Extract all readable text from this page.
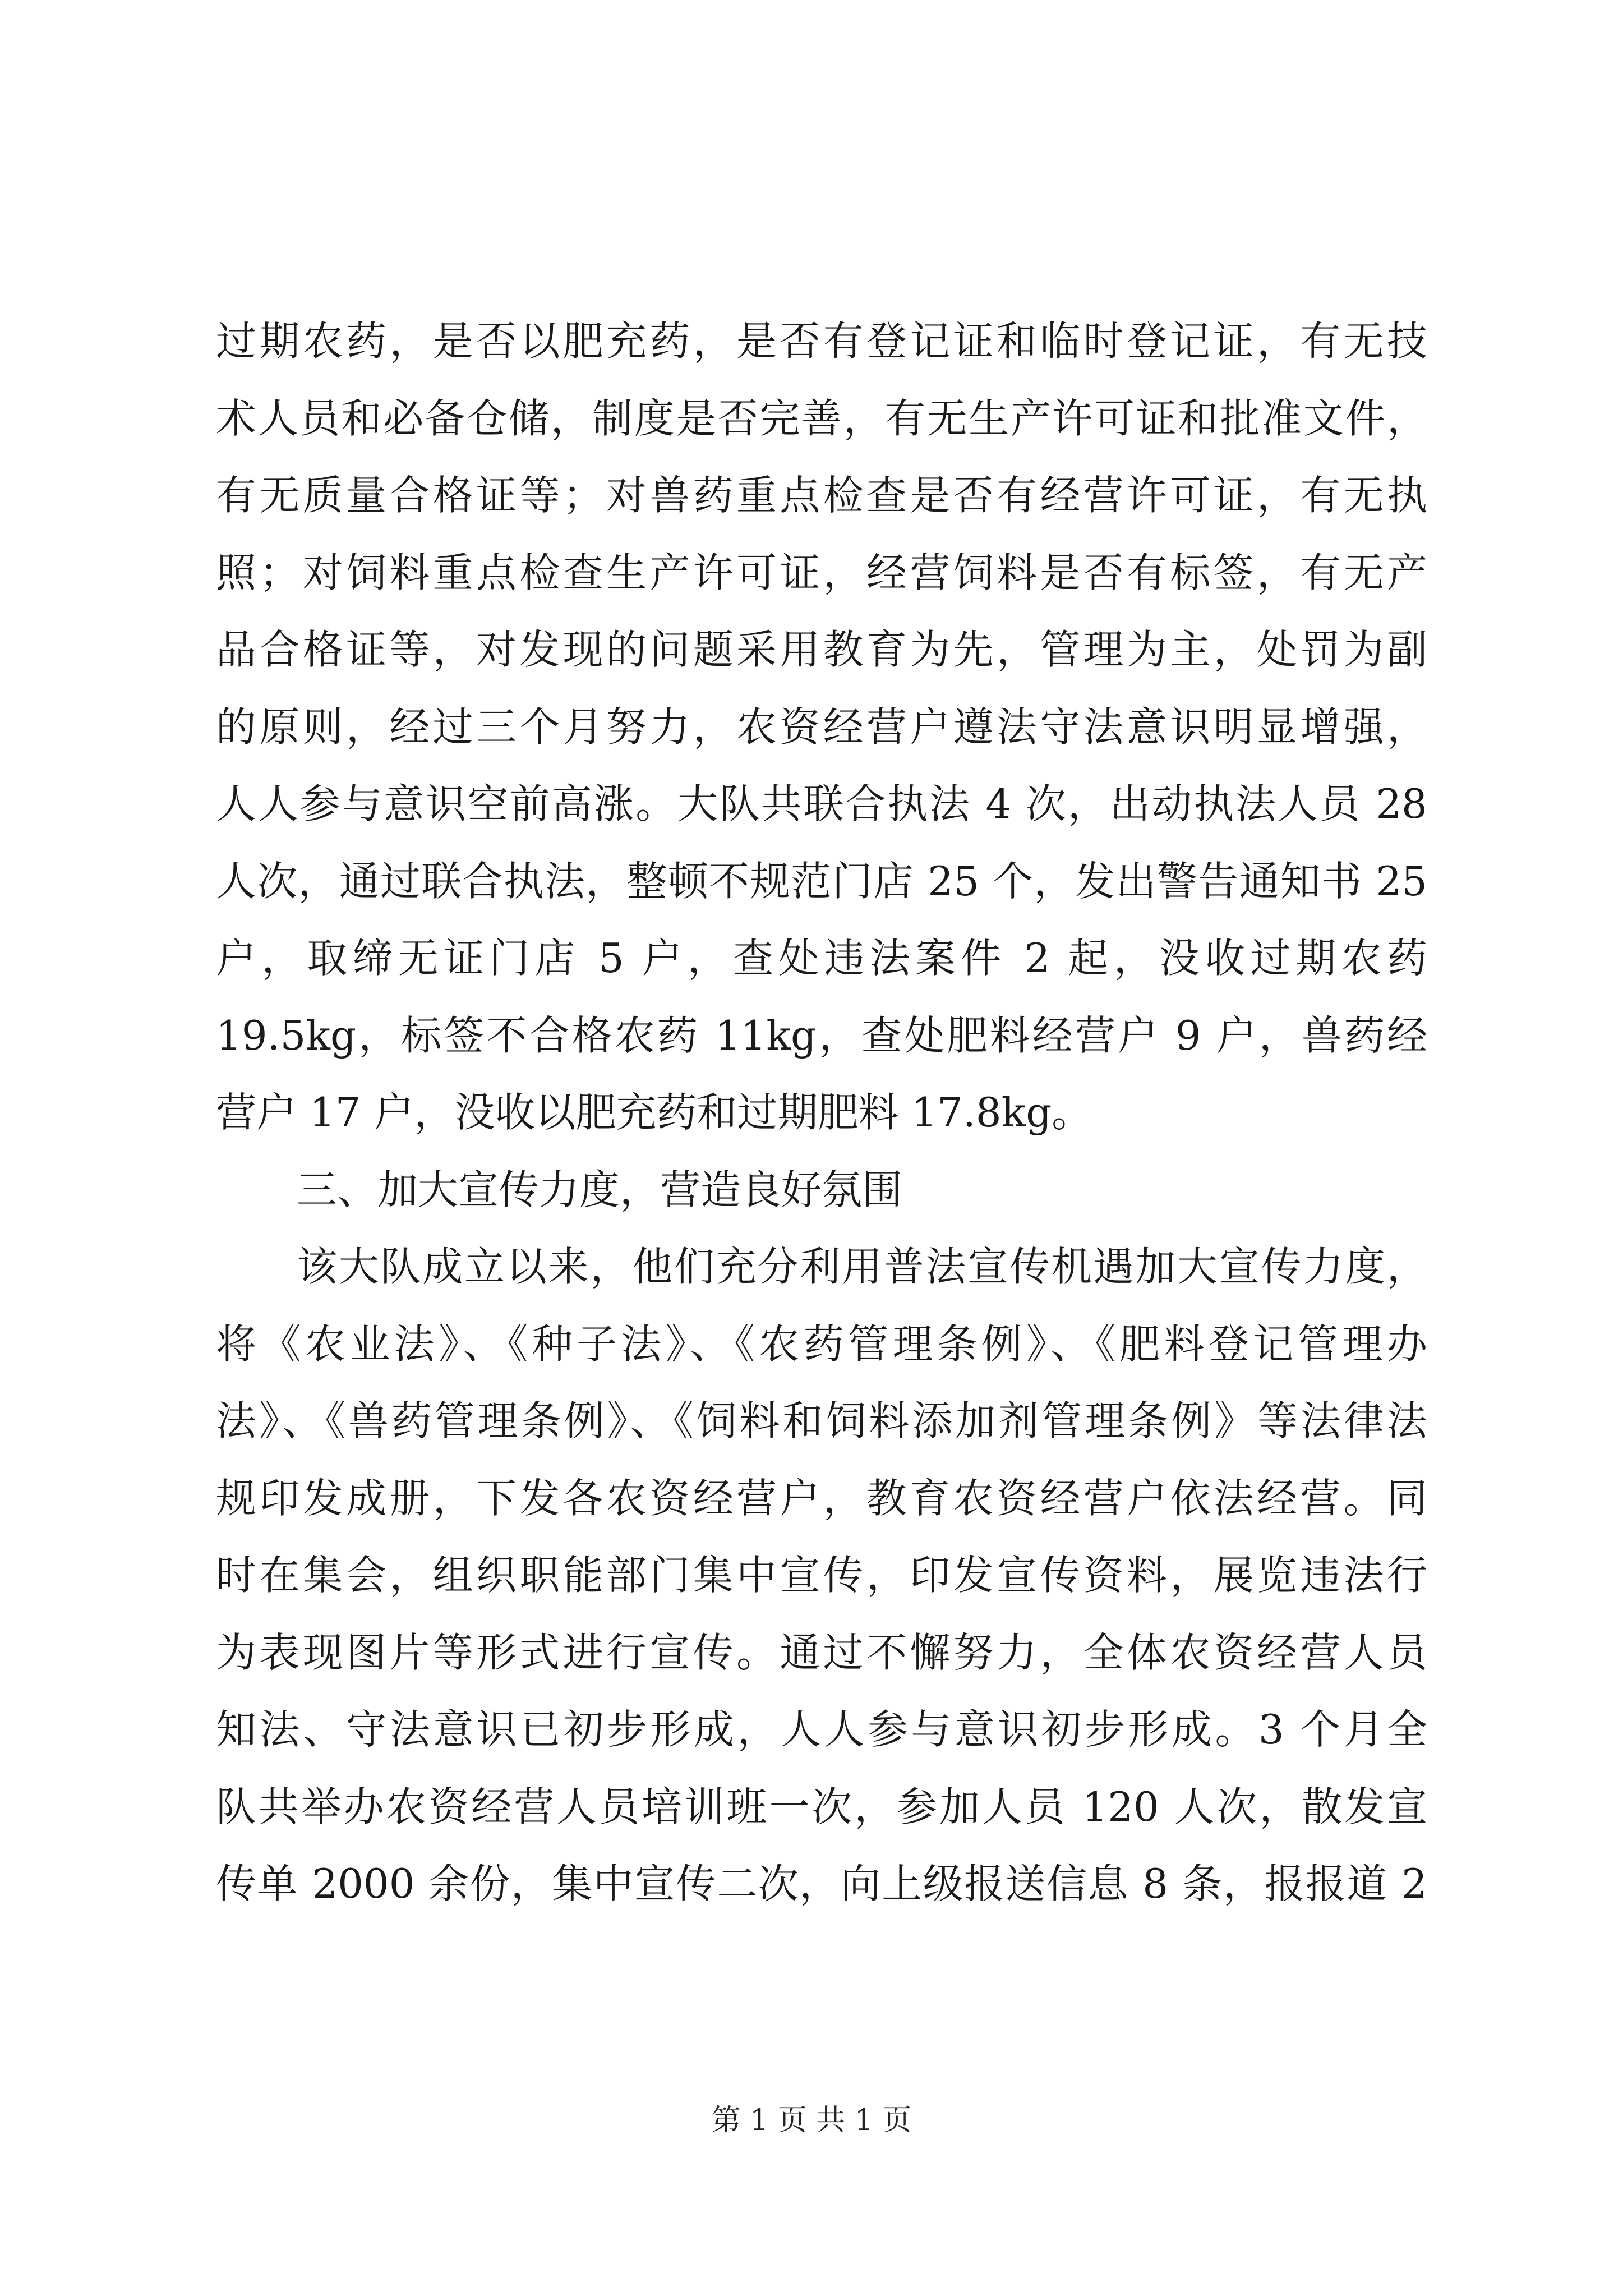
过期农药，是否以肥充药，是否有登记证和临时登记证，有无技
术人员和必备仓储，制度是否完善，有无生产许可证和批准文件，
有无质量合格证等；对兽药重点检查是否有经营许可证，有无执
照；对饲料重点检查生产许可证，经营饲料是否有标签，有无产
品合格证等，对发现的问题采用教育为先，管理为主，处罚为副
的原则，经过三个月努力，农资经营户遵法守法意识明显增强，
人人参与意识空前高涨。大队共联合执法 4 次，出动执法人员 28
人次，通过联合执法，整顿不规范门店 25 个，发出警告通知书 25
户，取缔无证门店 5 户，查处违法案件 2 起，没收过期农药
19.5kg，标签不合格农药 11kg，查处肥料经营户 9 户，兽药经
营户 17 户，没收以肥充药和过期肥料 17.8kg。
三、加大宣传力度，营造良好氛围
该大队成立以来，他们充分利用普法宣传机遇加大宣传力度，
将《农业法》、《种子法》、《农药管理条例》、《肥料登记管理办
法》、《兽药管理条例》、《饲料和饲料添加剂管理条例》等法律法
规印发成册，下发各农资经营户，教育农资经营户依法经营。同
时在集会，组织职能部门集中宣传，印发宣传资料，展览违法行
为表现图片等形式进行宣传。通过不懈努力，全体农资经营人员
知法、守法意识已初步形成，人人参与意识初步形成。3 个月全
队共举办农资经营人员培训班一次，参加人员 120 人次，散发宣
传单 2000 余份，集中宣传二次，向上级报送信息 8 条，报报道 2
第 1 页 共 1 页
